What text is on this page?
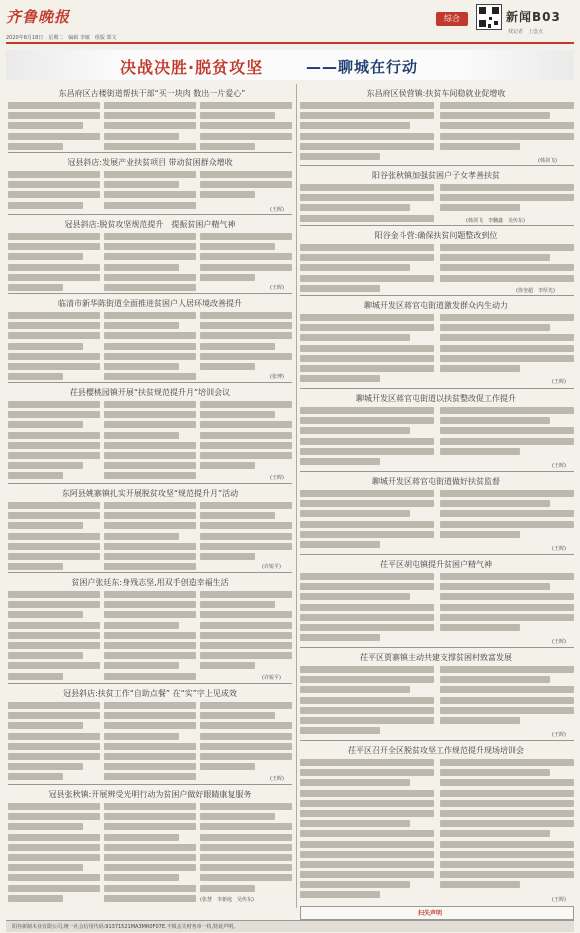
齐鲁晚报
2020年8月18日　星期二　编辑 李敏　组版 郑文
综合	新闻B03
找记者　上壹点
决战决胜·脱贫攻坚	——聊城在行动
东昌府区古楼街道帮扶干部“买一块肉 数出一片爱心”
冠县斜店:发展产业扶贫项目 带动贫困群众增收
(王晖)
冠县斜店:脱贫攻坚规范提升　提振贫困户精气神
(王晖)
临清市新华陈街道全面推进贫困户人居环境改善提升
(张博)
茌县樱桃园镇开展“扶贫规范提升月”培训会议
(王晖)
东阿县姚寨镇扎实开展脱贫攻坚“规范提升月”活动
(许锐平)
贫困户张廷东:身残志坚,用双手创造幸福生活
(许锐平)
冠县斜店:扶贫工作“自助点餐” 在“实”字上见成效
(王晖)
冠县张秋镇:开展辨受光明行动为贫困户做好眼睛康复服务
(张慧　李新庭　吴传东)
东昌府区侯营镇:扶贫车间稳就业促增收
(韩剑飞)
阳谷张秋镇加强贫困户子女孝善扶贫
(韩剑飞　李翻鑫　吴传东)
阳谷金斗营:确保扶贫问题整改到位
(徐奎超　李厚光)
聊城开发区蒋官屯街道激发群众内生动力
(王晖)
聊城开发区蒋官屯街道以扶贫整改促工作提升
(王晖)
聊城开发区蒋官屯街道做好扶贫监督
(王晖)
茌平区胡屯镇提升贫困户精气神
(王晖)
茌平区贾寨镇主动共建支撑贫困村致富发展
(王晖)
茌平区召开全区脱贫攻坚工作规范提升现场培训会
(王晖)
扫失声明
阳谷新制木业有限公司,统一社会信用代码:91371521MA3MR0F07E,不慎丢失财务章一枚,特此声明。
